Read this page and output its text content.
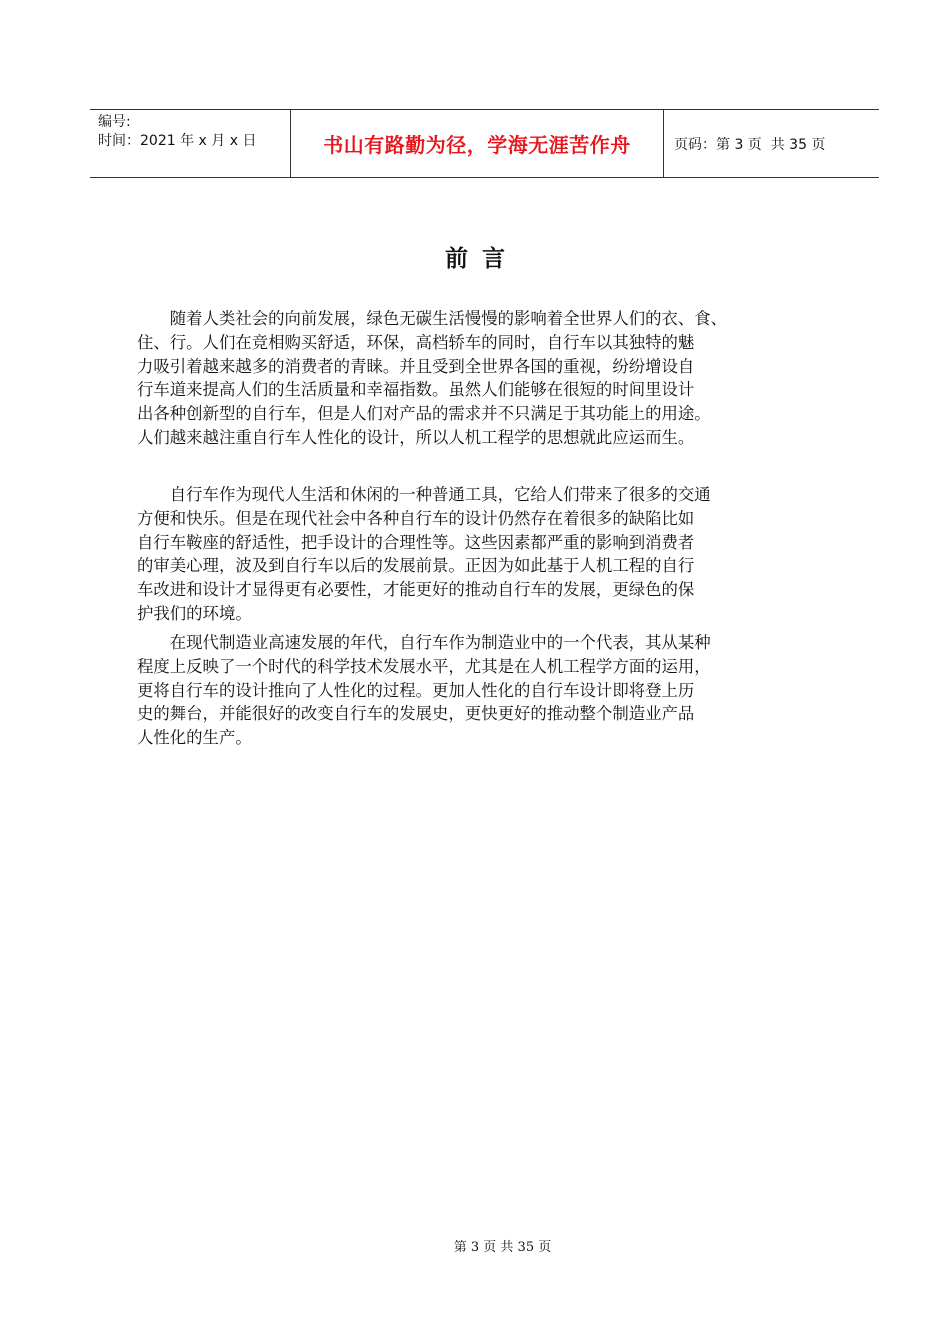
编号:
时间：2021 年 x 月 x 日	书山有路勤为径，学海无涯苦作舟	页码：第 3 页  共 35 页
前言
　　随着人类社会的向前发展，绿色无碳生活慢慢的影响着全世界人们的衣、食、
住、行。人们在竞相购买舒适，环保，高档轿车的同时，自行车以其独特的魅
力吸引着越来越多的消费者的青睐。并且受到全世界各国的重视，纷纷增设自
行车道来提高人们的生活质量和幸福指数。虽然人们能够在很短的时间里设计
出各种创新型的自行车，但是人们对产品的需求并不只满足于其功能上的用途。
人们越来越注重自行车人性化的设计，所以人机工程学的思想就此应运而生。
　　自行车作为现代人生活和休闲的一种普通工具，它给人们带来了很多的交通
方便和快乐。但是在现代社会中各种自行车的设计仍然存在着很多的缺陷比如
自行车鞍座的舒适性，把手设计的合理性等。这些因素都严重的影响到消费者
的审美心理，波及到自行车以后的发展前景。正因为如此基于人机工程的自行
车改进和设计才显得更有必要性，才能更好的推动自行车的发展，更绿色的保
护我们的环境。
　　在现代制造业高速发展的年代，自行车作为制造业中的一个代表，其从某种
程度上反映了一个时代的科学技术发展水平，尤其是在人机工程学方面的运用，
更将自行车的设计推向了人性化的过程。更加人性化的自行车设计即将登上历
史的舞台，并能很好的改变自行车的发展史，更快更好的推动整个制造业产品
人性化的生产。
第 3 页 共 35 页
